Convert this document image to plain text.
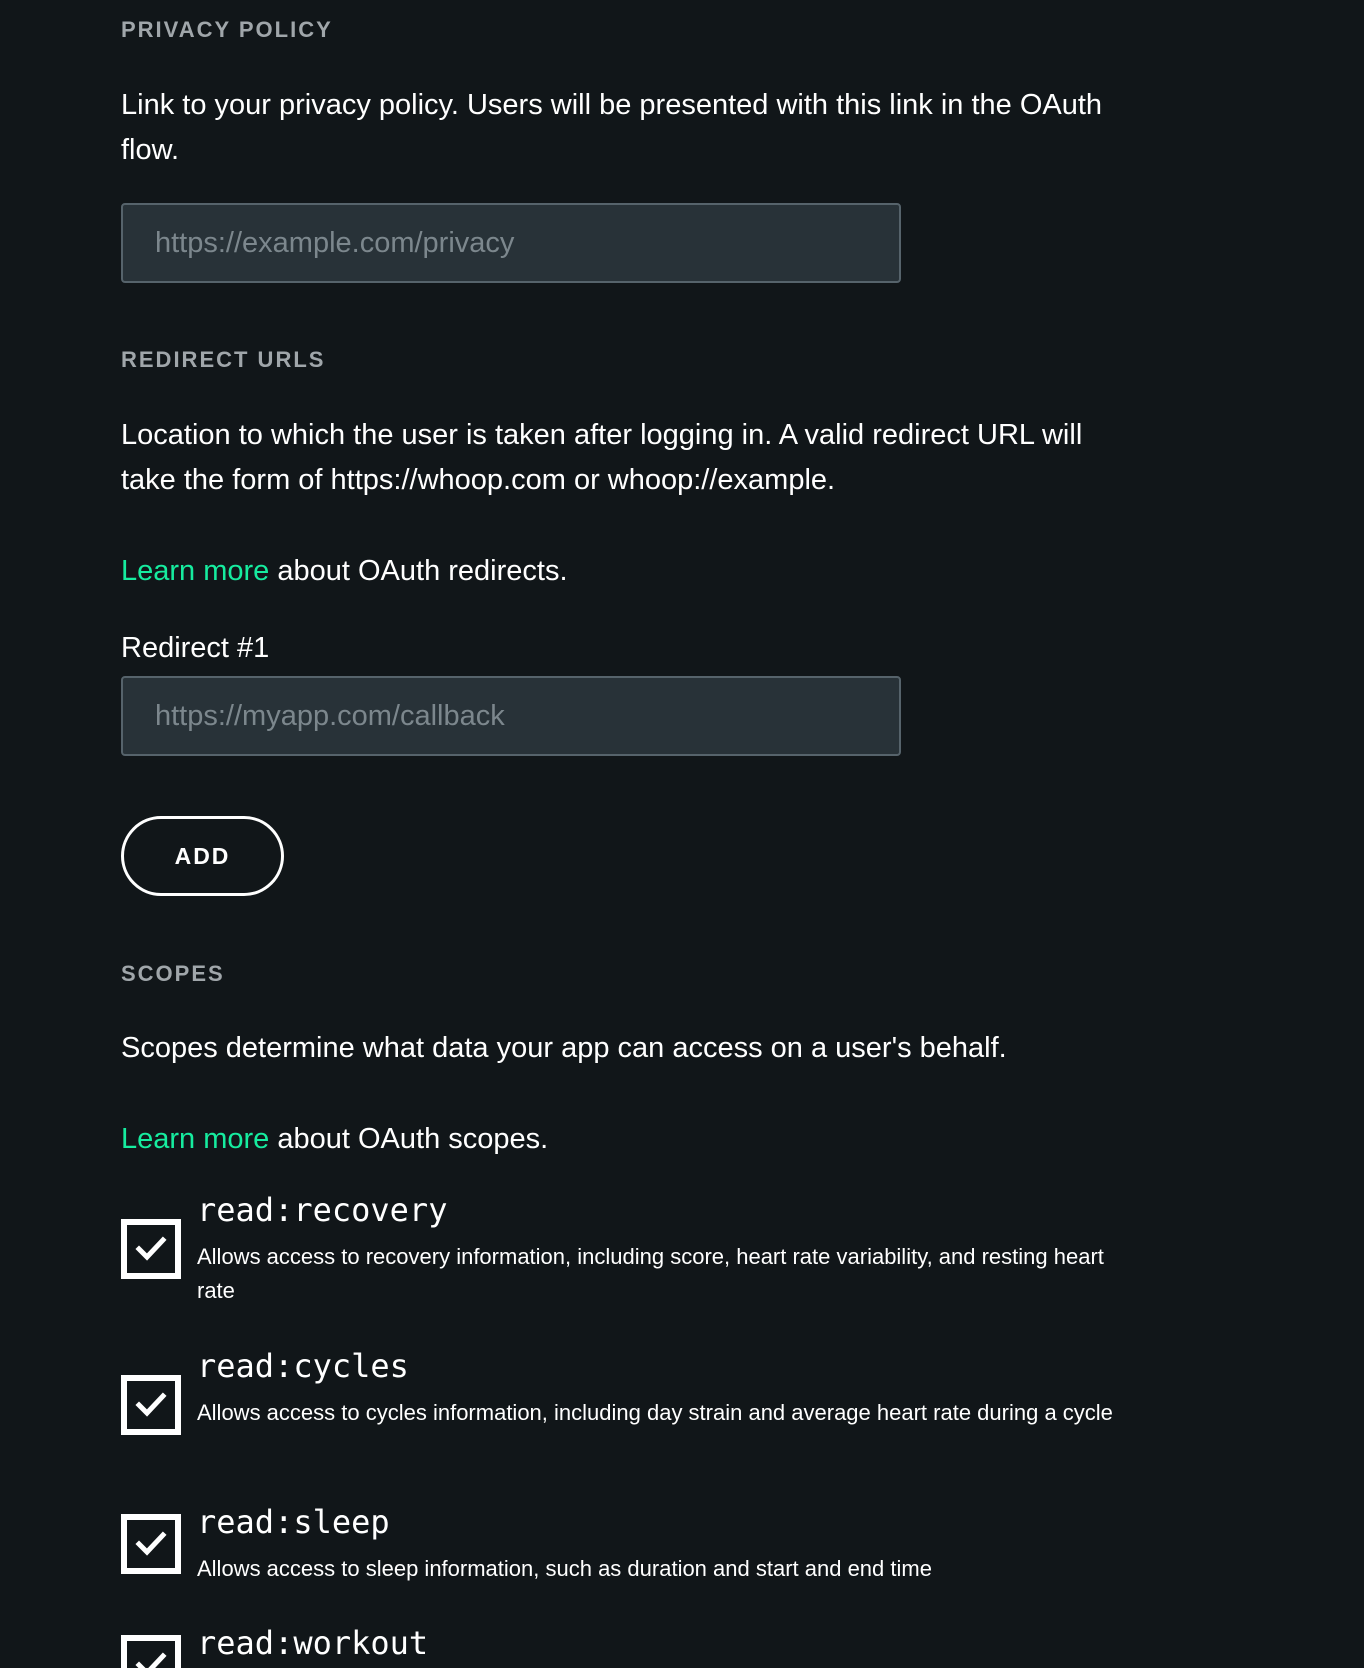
PRIVACY POLICY
Link to your privacy policy. Users will be presented with this link in the OAuth flow.
https://example.com/privacy
REDIRECT URLS
Location to which the user is taken after logging in. A valid redirect URL will take the form of https://whoop.com or whoop://example.
Learn more about OAuth redirects.
Redirect #1
https://myapp.com/callback
ADD
SCOPES
Scopes determine what data your app can access on a user's behalf.
Learn more about OAuth scopes.
read:recovery
Allows access to recovery information, including score, heart rate variability, and resting heart rate
read:cycles
Allows access to cycles information, including day strain and average heart rate during a cycle
read:sleep
Allows access to sleep information, such as duration and start and end time
read:workout
